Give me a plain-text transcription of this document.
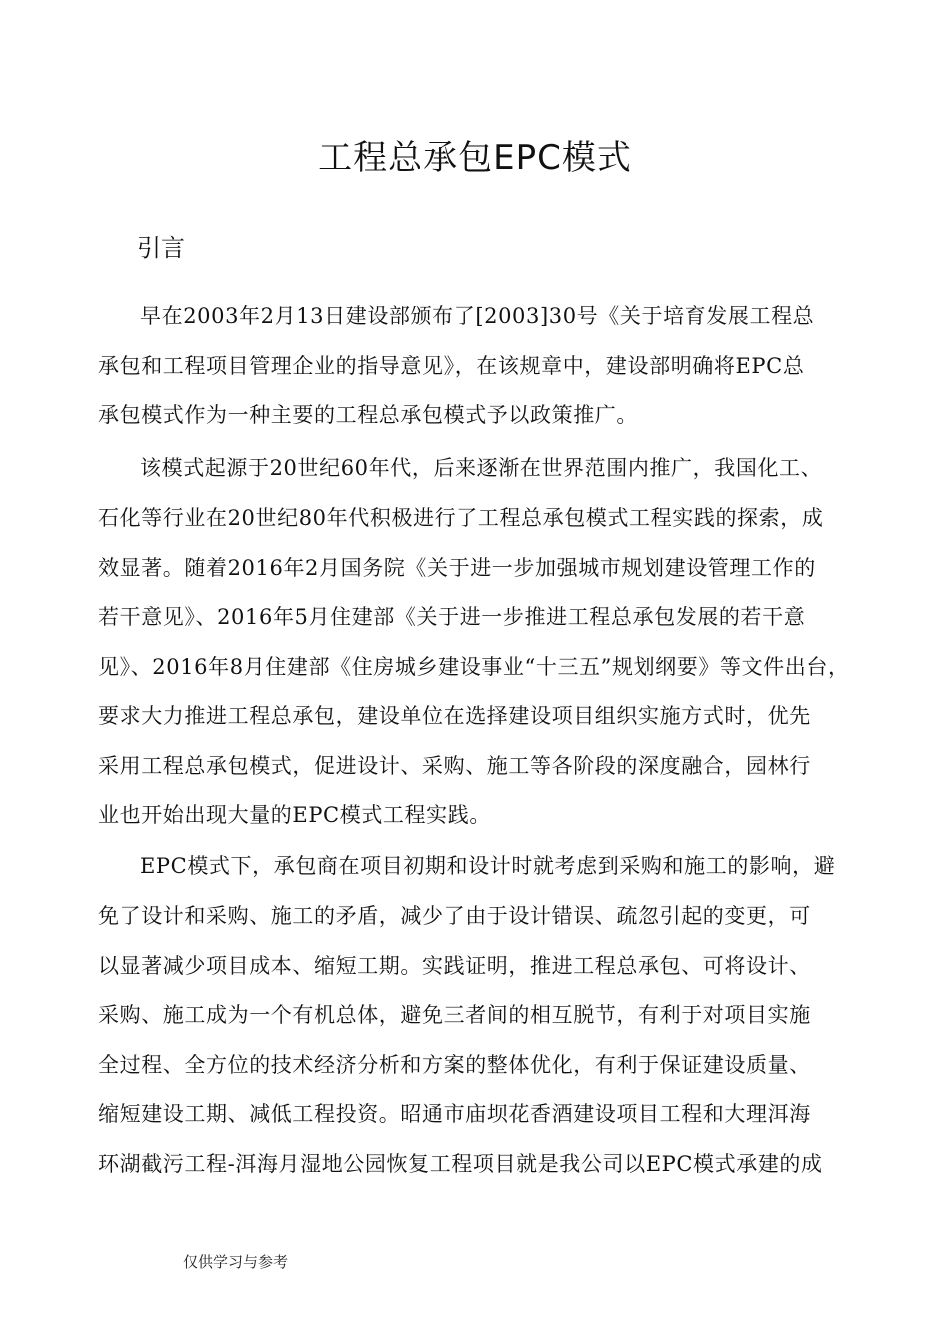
工程总承包EPC模式
引言
早在2003年2月13日建设部颁布了[2003]30号《关于培育发展工程总
承包和工程项目管理企业的指导意见》，在该规章中，建设部明确将EPC总
承包模式作为一种主要的工程总承包模式予以政策推广。
该模式起源于20世纪60年代，后来逐渐在世界范围内推广，我国化工、
石化等行业在20世纪80年代积极进行了工程总承包模式工程实践的探索，成
效显著。随着2016年2月国务院《关于进一步加强城市规划建设管理工作的
若干意见》、2016年5月住建部《关于进一步推进工程总承包发展的若干意
见》、2016年8月住建部《住房城乡建设事业“十三五”规划纲要》等文件出台，
要求大力推进工程总承包，建设单位在选择建设项目组织实施方式时，优先
采用工程总承包模式，促进设计、采购、施工等各阶段的深度融合，园林行
业也开始出现大量的EPC模式工程实践。
EPC模式下，承包商在项目初期和设计时就考虑到采购和施工的影响，避
免了设计和采购、施工的矛盾，减少了由于设计错误、疏忽引起的变更，可
以显著减少项目成本、缩短工期。实践证明，推进工程总承包、可将设计、
采购、施工成为一个有机总体，避免三者间的相互脱节，有利于对项目实施
全过程、全方位的技术经济分析和方案的整体优化，有利于保证建设质量、
缩短建设工期、减低工程投资。昭通市庙坝花香酒建设项目工程和大理洱海
环湖截污工程-洱海月湿地公园恢复工程项目就是我公司以EPC模式承建的成
仅供学习与参考
